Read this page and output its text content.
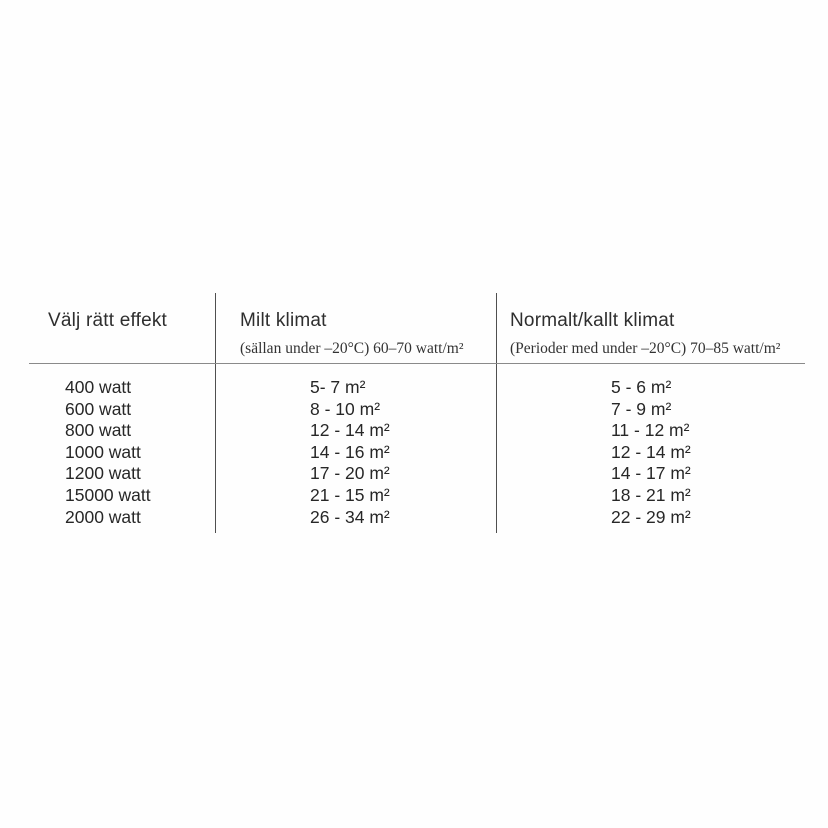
Välj rätt effekt	Milt klimat
(sällan under –20°C) 60–70 watt/m²
Normalt/kallt klimat
(Perioder med under –20°C) 70–85 watt/m²
400 watt
600 watt
800 watt
1000 watt
1200 watt
15000 watt
2000 watt
5- 7 m²
8 - 10 m²
12 - 14 m²
14 - 16 m²
17 - 20 m²
21 - 15 m²
26 - 34 m²
5 - 6 m²
7 - 9 m²
11 - 12 m²
12 - 14 m²
14 - 17 m²
18 - 21 m²
22 - 29 m²
